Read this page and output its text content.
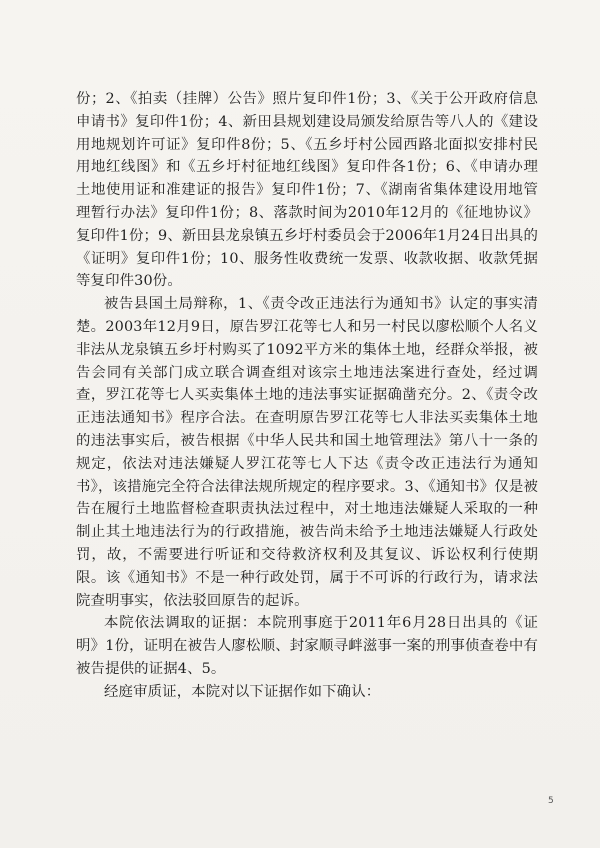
份；2、《拍卖（挂牌）公告》照片复印件1份；3、《关于公开政府信息申请书》复印件1份；4、新田县规划建设局颁发给原告等八人的《建设用地规划许可证》复印件8份；5、《五乡圩村公园西路北面拟安排村民用地红线图》和《五乡圩村征地红线图》复印件各1份；6、《申请办理土地使用证和准建证的报告》复印件1份；7、《湖南省集体建设用地管理暂行办法》复印件1份；8、落款时间为2010年12月的《征地协议》复印件1份；9、新田县龙泉镇五乡圩村委员会于2006年1月24日出具的《证明》复印件1份；10、服务性收费统一发票、收款收据、收款凭据等复印件30份。

被告县国土局辩称，1、《责令改正违法行为通知书》认定的事实清楚。2003年12月9日，原告罗江花等七人和另一村民以廖松顺个人名义非法从龙泉镇五乡圩村购买了1092平方米的集体土地，经群众举报，被告会同有关部门成立联合调查组对该宗土地违法案进行查处，经过调查，罗江花等七人买卖集体土地的违法事实证据确凿充分。2、《责令改正违法通知书》程序合法。在查明原告罗江花等七人非法买卖集体土地的违法事实后，被告根据《中华人民共和国土地管理法》第八十一条的规定，依法对违法嫌疑人罗江花等七人下达《责令改正违法行为通知书》，该措施完全符合法律法规所规定的程序要求。3、《通知书》仅是被告在履行土地监督检查职责执法过程中，对土地违法嫌疑人采取的一种制止其土地违法行为的行政措施，被告尚未给予土地违法嫌疑人行政处罚，故，不需要进行听证和交待救济权利及其复议、诉讼权利行使期限。该《通知书》不是一种行政处罚，属于不可诉的行政行为，请求法院查明事实，依法驳回原告的起诉。

本院依法调取的证据：本院刑事庭于2011年6月28日出具的《证明》1份，证明在被告人廖松顺、封家顺寻衅滋事一案的刑事侦查卷中有被告提供的证据4、5。

经庭审质证，本院对以下证据作如下确认：

5
